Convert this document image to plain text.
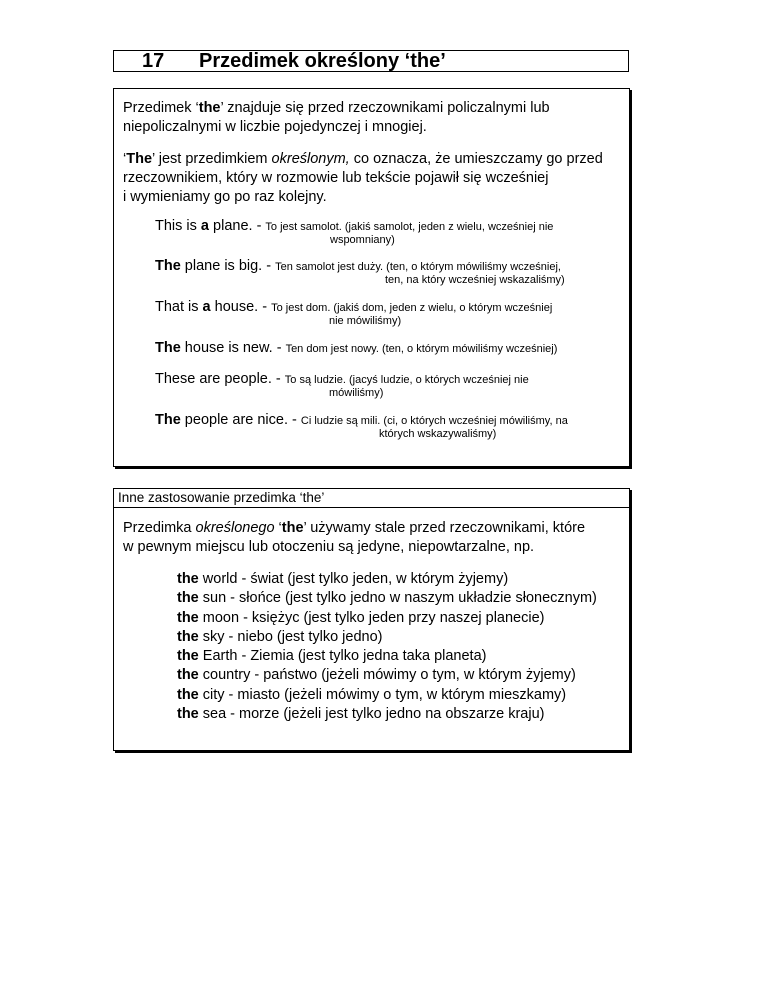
17 Przedimek określony ‘the’
Przedimek ‘the’ znajduje się przed rzeczownikami policzalnymi lub niepoliczalnymi w liczbie pojedynczej i mnogiej.
‘The’ jest przedimkiem określonym, co oznacza, że umieszczamy go przed
rzeczownikiem, który w rozmowie lub tekście pojawił się wcześniej
i wymieniamy go po raz kolejny.
This is a plane. - To jest samolot. (jakiś samolot, jeden z wielu, wcześniej nie
wspomniany)
The plane is big. - Ten samolot jest duży. (ten, o którym mówiliśmy wcześniej,
ten, na który wcześniej wskazaliśmy)
That is a house. - To jest dom. (jakiś dom, jeden z wielu, o którym wcześniej
nie mówiliśmy)
The house is new. - Ten dom jest nowy. (ten, o którym mówiliśmy wcześniej)
These are people. - To są ludzie. (jacyś ludzie, o których wcześniej nie
mówiliśmy)
The people are nice. - Ci ludzie są mili. (ci, o których wcześniej mówiliśmy, na
których wskazywaliśmy)
Inne zastosowanie przedimka ‘the’
Przedimka określonego ‘the’ używamy stale przed rzeczownikami, które
w pewnym miejscu lub otoczeniu są jedyne, niepowtarzalne, np.
the world - świat (jest tylko jeden, w którym żyjemy)
the sun - słońce (jest tylko jedno w naszym układzie słonecznym)
the moon - księżyc (jest tylko jeden przy naszej planecie)
the sky - niebo (jest tylko jedno)
the Earth - Ziemia (jest tylko jedna taka planeta)
the country - państwo (jeżeli mówimy o tym, w którym żyjemy)
the city - miasto (jeżeli mówimy o tym, w którym mieszkamy)
the sea - morze (jeżeli jest tylko jedno na obszarze kraju)
